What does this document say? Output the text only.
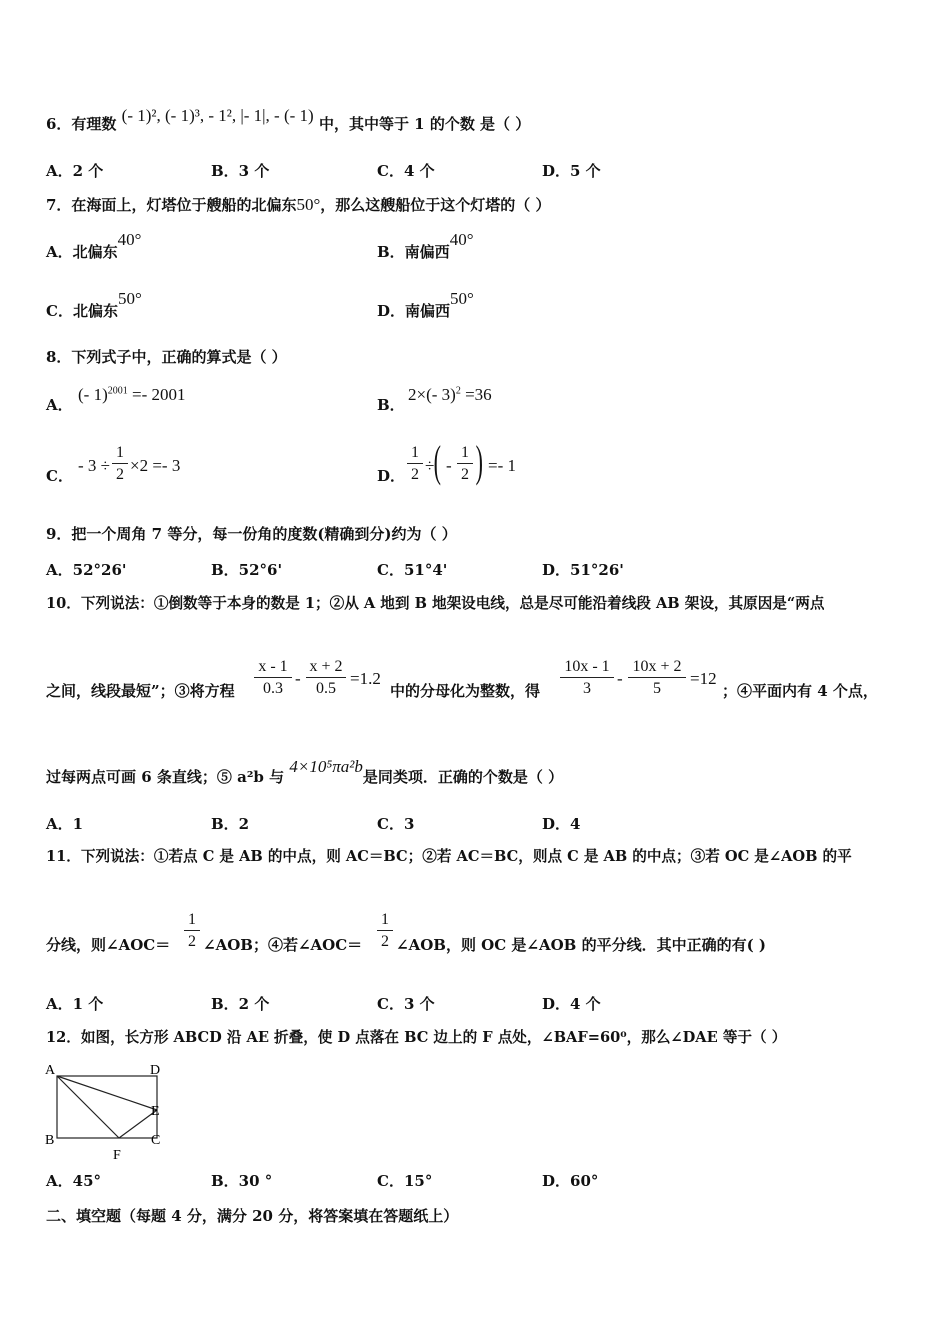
6．有理数 (- 1)², (- 1)³, - 1², |- 1|, - (- 1) 中，其中等于 1 的个数 是（ ）
A．2 个	B．3 个	C．4 个	D．5 个
7．在海面上，灯塔位于艘船的北偏东50°，那么这艘船位于这个灯塔的（ ）
A．北偏东40°
B．南偏西40°
C．北偏东50°
D．南偏西50°
8．下列式子中，正确的算式是（ ）
A．
(- 1)$^{2001}$ =- 2001
B．
2×(- 3)$^2$ =36
C．
- $3 \div \frac{1}{2} \times 2 =- 3$
D． $\frac{1}{2}$ ÷ ( - $\frac{1}{2}$ ) =- 1
9．把一个周角 7 等分，每一份角的度数(精确到分)约为（ ）
A．52°26'	B．52°6'	C．51°4'	D．51°26'
10．下列说法：①倒数等于本身的数是 1；②从 A 地到 B 地架设电线，总是尽可能沿着线段 AB 架设，其原因是“两点
之间，线段最短”；③将方程 $\frac{x - 1}{0.3} - \frac{x + 2}{0.5} =1.2$
中的分母化为整数，得 $\frac{10x - 1}{3} - \frac{10x + 2}{5} =12$
；④平面内有 4 个点，
过每两点可画 6 条直线；⑤ a²b 与 4×10⁵πa²b是同类项．正确的个数是（ ）
A．1	B．2	C．3	D．4
11．下列说法：①若点 C 是 AB 的中点，则 AC＝BC；②若 AC＝BC，则点 C 是 AB 的中点；③若 OC 是∠AOB 的平
分线，则∠AOC＝ $\frac{1}{2}$ ∠AOB；④若∠AOC＝ $\frac{1}{2}$ ∠AOB，则 OC 是∠AOB 的平分线．其中正确的有( )
A．1 个	B．2 个	C．3 个	D．4 个
12．如图，长方形 ABCD 沿 AE 折叠，使 D 点落在 BC 边上的 F 点处，∠BAF=60⁰，那么∠DAE 等于（ ）
A	D
E
B	C
F
A．45°	B．30 °	C．15°	D．60°
二、填空题（每题 4 分，满分 20 分，将答案填在答题纸上）
